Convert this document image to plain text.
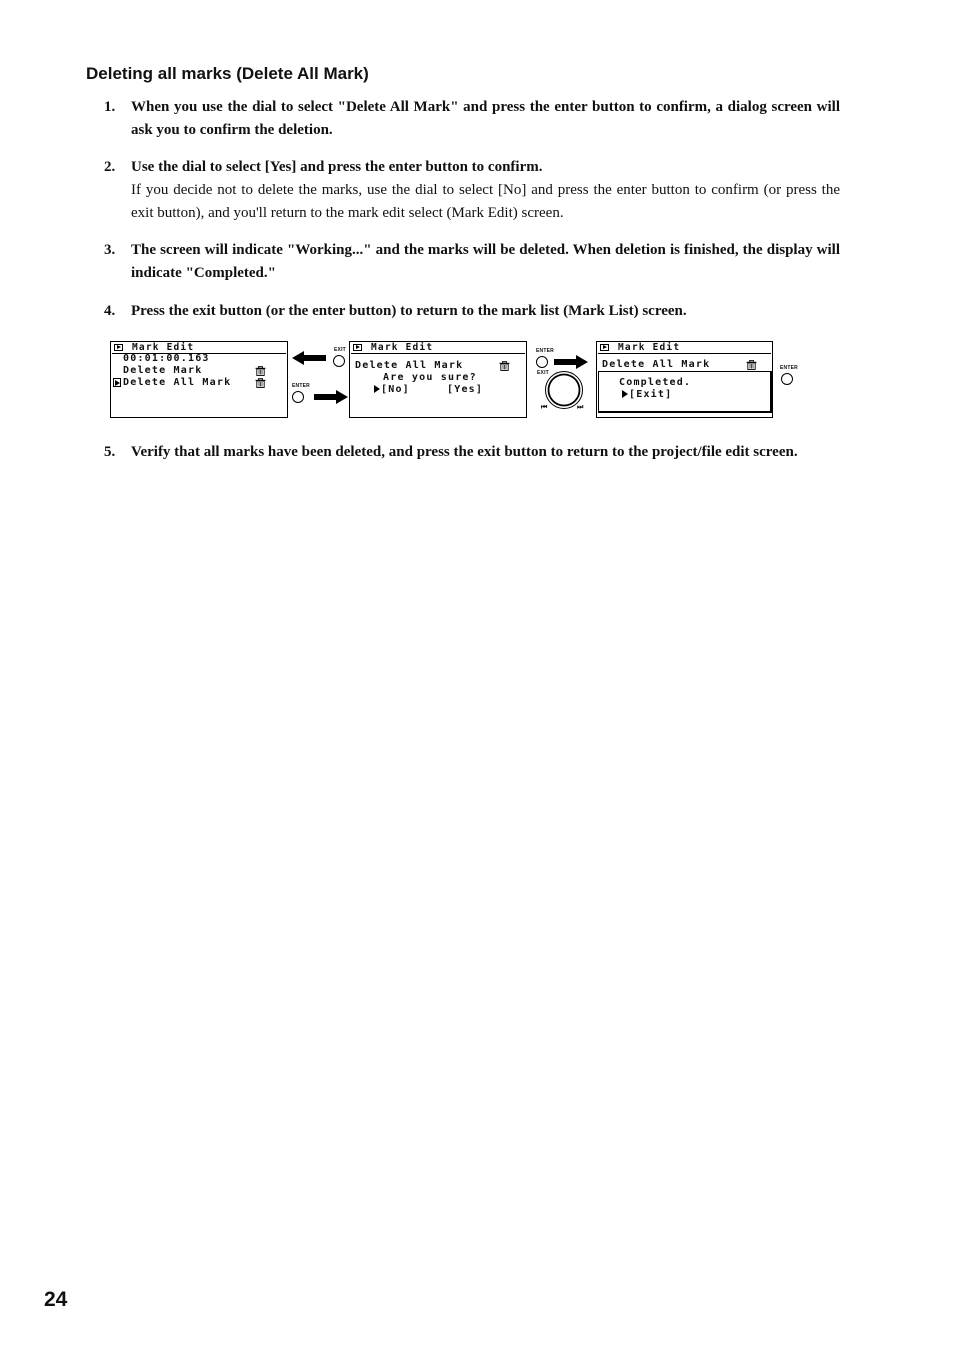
Deleting all marks (Delete All Mark)
1. When you use the dial to select "Delete All Mark" and press the enter button to confirm, a dialog screen will ask you to confirm the deletion.
2. Use the dial to select [Yes] and press the enter button to confirm.
If you decide not to delete the marks, use the dial to select [No] and press the enter button to confirm (or press the exit button), and you'll return to the mark edit select (Mark Edit) screen.
3. The screen will indicate "Working..." and the marks will be deleted. When deletion is finished, the display will indicate "Completed."
4. Press the exit button (or the enter button) to return to the mark list (Mark List) screen.
Mark Edit
00:01:00.163
Delete Mark
Delete All Mark
EXIT
ENTER
Mark Edit
Delete All Mark
Are you sure?
[No]	[Yes]
ENTER
EXIT
⏮	⏭
Mark Edit
Delete All Mark
Completed.
[Exit]
ENTER
5. Verify that all marks have been deleted, and press the exit button to return to the project/file edit screen.
24
